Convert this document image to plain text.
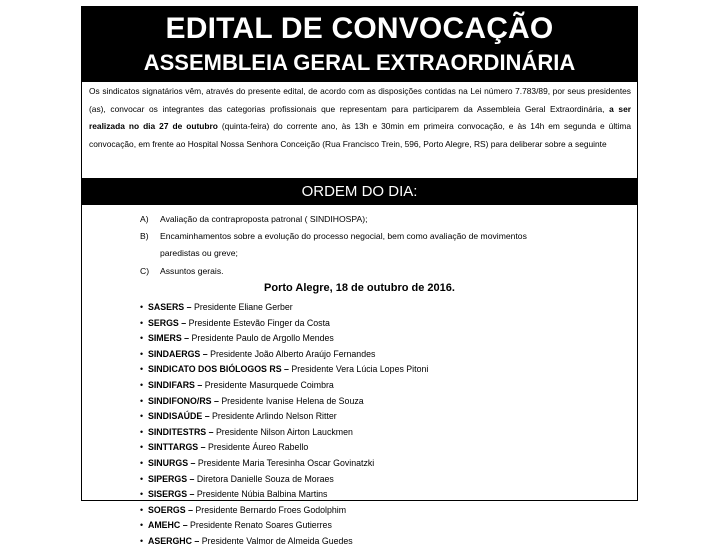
EDITAL DE CONVOCAÇÃO
ASSEMBLEIA GERAL EXTRAORDINÁRIA

Os sindicatos signatários vêm, através do presente edital, de acordo com as disposições contidas na Lei número 7.783/89, por seus presidentes (as), convocar os integrantes das categorias profissionais que representam para participarem da Assembleia Geral Extraordinária, a ser realizada no dia 27 de outubro (quinta-feira) do corrente ano, às 13h e 30min em primeira convocação, e às 14h em segunda e última convocação, em frente ao Hospital Nossa Senhora Conceição (Rua Francisco Trein, 596, Porto Alegre, RS) para deliberar sobre a seguinte

ORDEM DO DIA:
A)	Avaliação da contraproposta patronal ( SINDIHOSPA);
B)	Encaminhamentos sobre a evolução do processo negocial, bem como avaliação de movimentos
paredistas ou greve;
C)	Assuntos gerais.
Porto Alegre, 18 de outubro de 2016.
• SASERS – Presidente Eliane Gerber
• SERGS – Presidente Estevão Finger da Costa
• SIMERS – Presidente Paulo de Argollo Mendes
• SINDAERGS – Presidente João Alberto Araújo Fernandes
• SINDICATO DOS BIÓLOGOS RS – Presidente Vera Lúcia Lopes Pitoni
• SINDIFARS – Presidente Masurquede Coimbra
• SINDIFONO/RS – Presidente Ivanise Helena de Souza
• SINDISAÚDE – Presidente Arlindo Nelson Ritter
• SINDITESTRS – Presidente Nilson Airton Lauckmen
• SINTTARGS – Presidente Áureo Rabello
• SINURGS – Presidente Maria Teresinha Oscar Govinatzki
• SIPERGS – Diretora Danielle Souza de Moraes
• SISERGS – Presidente Núbia Balbina Martins
• SOERGS – Presidente Bernardo Froes Godolphim
• AMEHC – Presidente Renato Soares Gutierres
• ASERGHC – Presidente Valmor de Almeida Guedes
